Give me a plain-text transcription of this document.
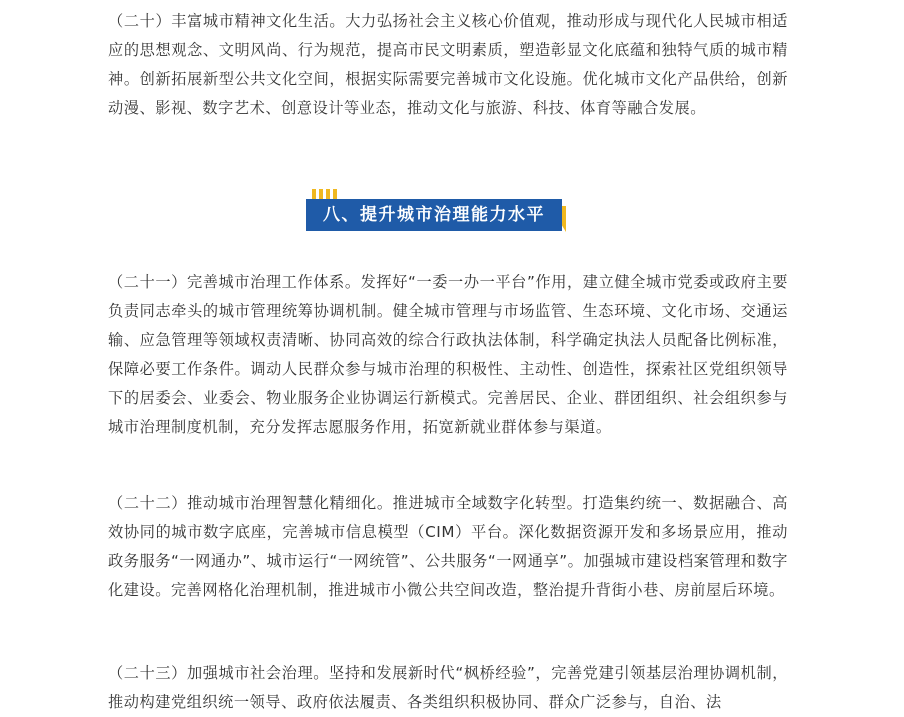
（二十）丰富城市精神文化生活。大力弘扬社会主义核心价值观，推动形成与现代化人民城市相适应的思想观念、文明风尚、行为规范，提高市民文明素质，塑造彰显文化底蕴和独特气质的城市精神。创新拓展新型公共文化空间，根据实际需要完善城市文化设施。优化城市文化产品供给，创新动漫、影视、数字艺术、创意设计等业态，推动文化与旅游、科技、体育等融合发展。

八、提升城市治理能力水平

（二十一）完善城市治理工作体系。发挥好“一委一办一平台”作用，建立健全城市党委或政府主要负责同志牵头的城市管理统筹协调机制。健全城市管理与市场监管、生态环境、文化市场、交通运输、应急管理等领域权责清晰、协同高效的综合行政执法体制，科学确定执法人员配备比例标准，保障必要工作条件。调动人民群众参与城市治理的积极性、主动性、创造性，探索社区党组织领导下的居委会、业委会、物业服务企业协调运行新模式。完善居民、企业、群团组织、社会组织参与城市治理制度机制，充分发挥志愿服务作用，拓宽新就业群体参与渠道。

（二十二）推动城市治理智慧化精细化。推进城市全域数字化转型。打造集约统一、数据融合、高效协同的城市数字底座，完善城市信息模型（CIM）平台。深化数据资源开发和多场景应用，推动政务服务“一网通办”、城市运行“一网统管”、公共服务“一网通享”。加强城市建设档案管理和数字化建设。完善网格化治理机制，推进城市小微公共空间改造，整治提升背街小巷、房前屋后环境。

（二十三）加强城市社会治理。坚持和发展新时代“枫桥经验”，完善党建引领基层治理协调机制，推动构建党组织统一领导、政府依法履责、各类组织积极协同、群众广泛参与，自治、法
